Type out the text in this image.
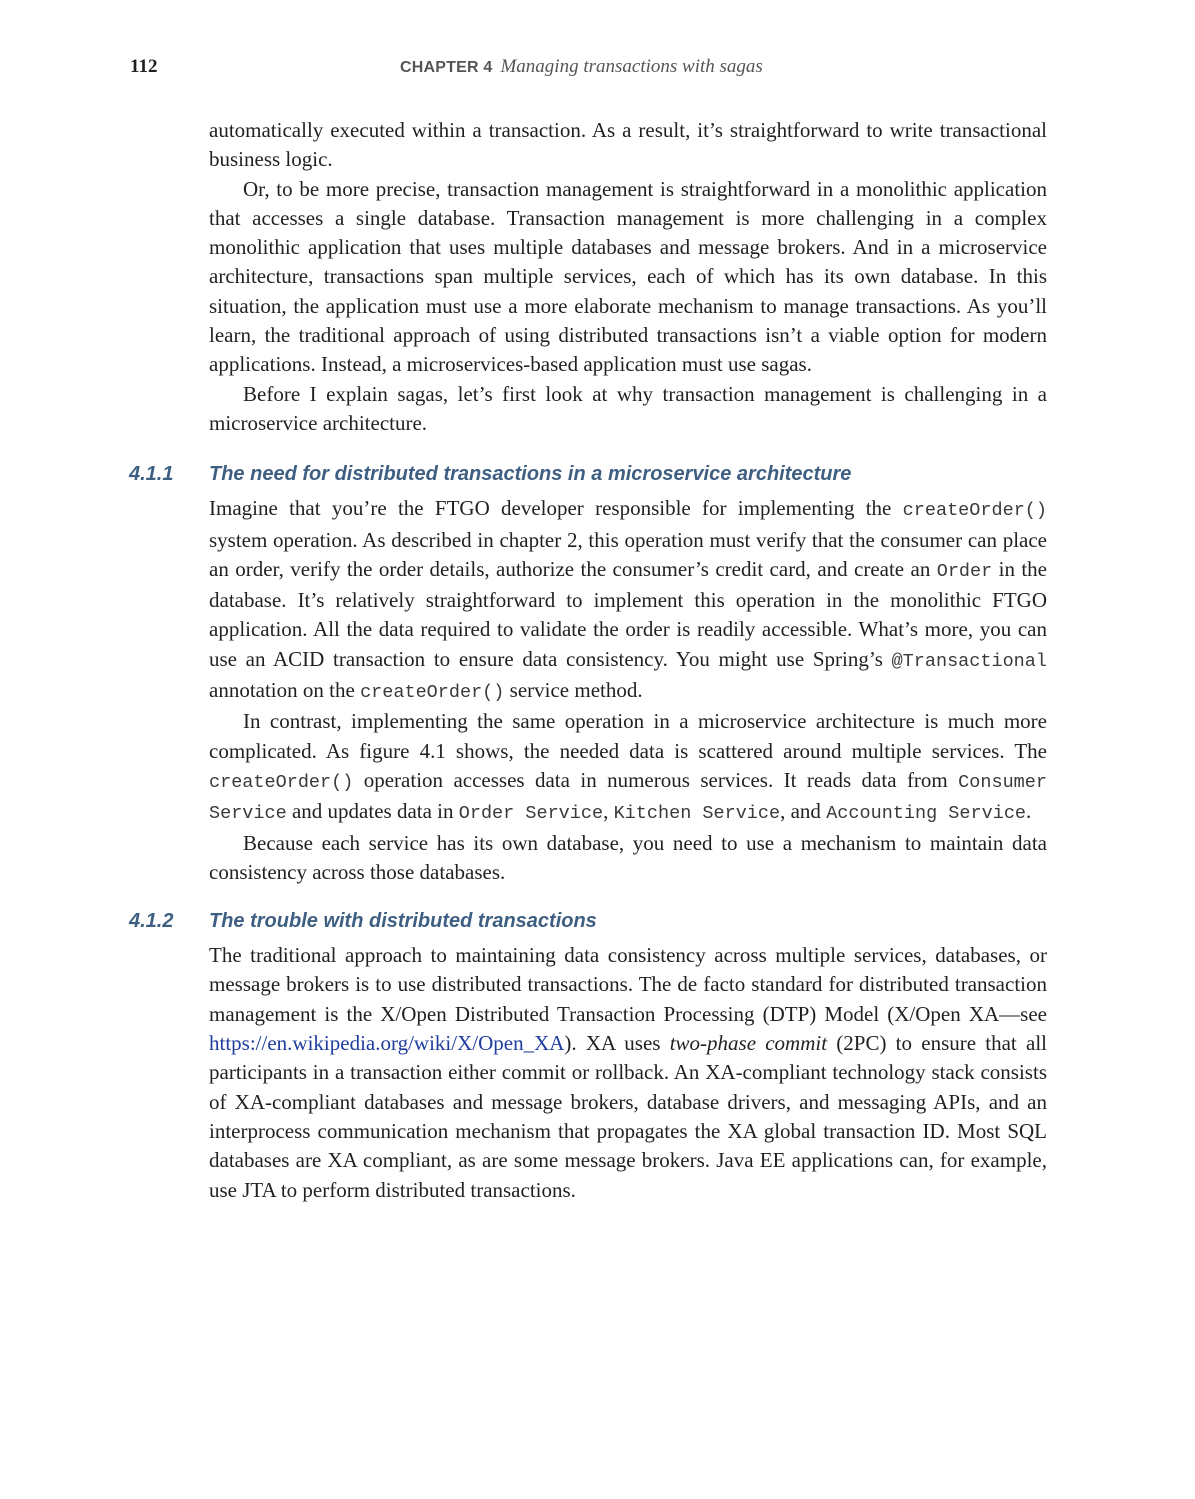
112	CHAPTER 4 Managing transactions with sagas

automatically executed within a transaction. As a result, it’s straightforward to write transactional business logic.

Or, to be more precise, transaction management is straightforward in a monolithic application that accesses a single database. Transaction management is more challenging in a complex monolithic application that uses multiple databases and message brokers. And in a microservice architecture, transactions span multiple services, each of which has its own database. In this situation, the application must use a more elaborate mechanism to manage transactions. As you’ll learn, the traditional approach of using distributed transactions isn’t a viable option for modern applications. Instead, a microservices-based application must use sagas.

Before I explain sagas, let’s first look at why transaction management is challenging in a microservice architecture.

4.1.1 The need for distributed transactions in a microservice architecture

Imagine that you’re the FTGO developer responsible for implementing the createOrder() system operation. As described in chapter 2, this operation must verify that the consumer can place an order, verify the order details, authorize the consumer’s credit card, and create an Order in the database. It’s relatively straightforward to implement this operation in the monolithic FTGO application. All the data required to validate the order is readily accessible. What’s more, you can use an ACID transaction to ensure data consistency. You might use Spring’s @Transactional annotation on the createOrder() service method.

In contrast, implementing the same operation in a microservice architecture is much more complicated. As figure 4.1 shows, the needed data is scattered around multiple services. The createOrder() operation accesses data in numerous services. It reads data from Consumer Service and updates data in Order Service, Kitchen Service, and Accounting Service.

Because each service has its own database, you need to use a mechanism to maintain data consistency across those databases.

4.1.2 The trouble with distributed transactions

The traditional approach to maintaining data consistency across multiple services, databases, or message brokers is to use distributed transactions. The de facto standard for distributed transaction management is the X/Open Distributed Transaction Processing (DTP) Model (X/Open XA—see https://en.wikipedia.org/wiki/X/Open_XA). XA uses two-phase commit (2PC) to ensure that all participants in a transaction either commit or rollback. An XA-compliant technology stack consists of XA-compliant databases and message brokers, database drivers, and messaging APIs, and an interprocess communication mechanism that propagates the XA global transaction ID. Most SQL databases are XA compliant, as are some message brokers. Java EE applications can, for example, use JTA to perform distributed transactions.
